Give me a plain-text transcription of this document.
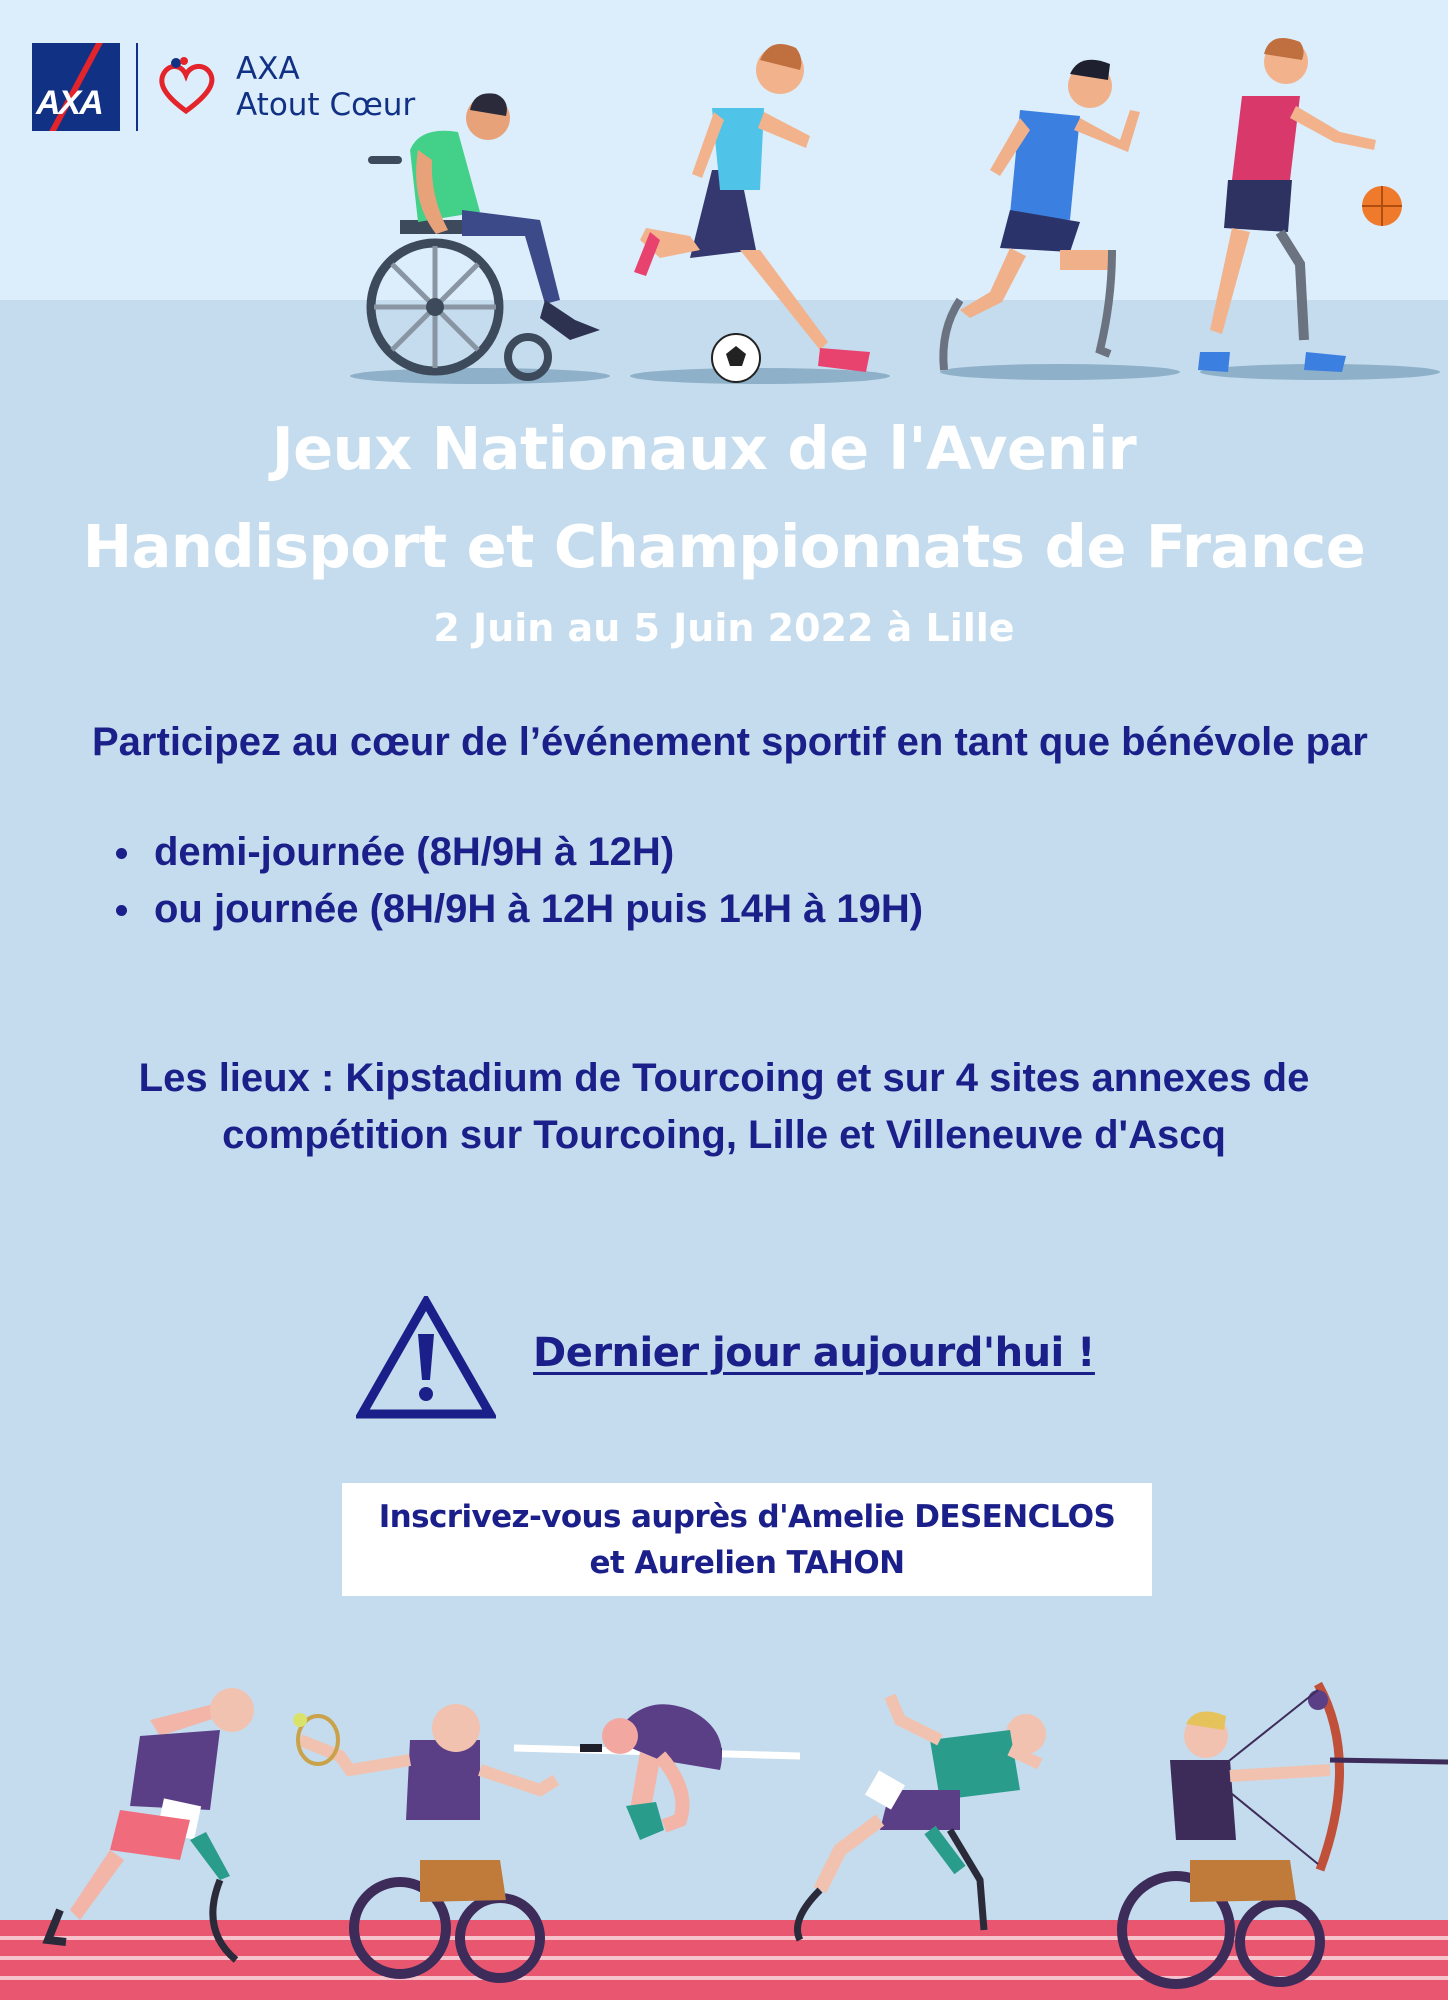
AXA
AXA
Atout Cœur
Jeux Nationaux de l'Avenir
Handisport et Championnats de France

2 Juin au 5 Juin 2022 à Lille

Participez au cœur de l’événement sportif en tant que bénévole par

demi-journée (8H/9H à 12H)
ou journée (8H/9H à 12H puis 14H à 19H)

Les lieux : Kipstadium de Tourcoing et sur 4 sites annexes de
compétition sur Tourcoing, Lille et Villeneuve d'Ascq

Dernier jour aujourd'hui !

Inscrivez-vous auprès d'Amelie DESENCLOS
et Aurelien TAHON
